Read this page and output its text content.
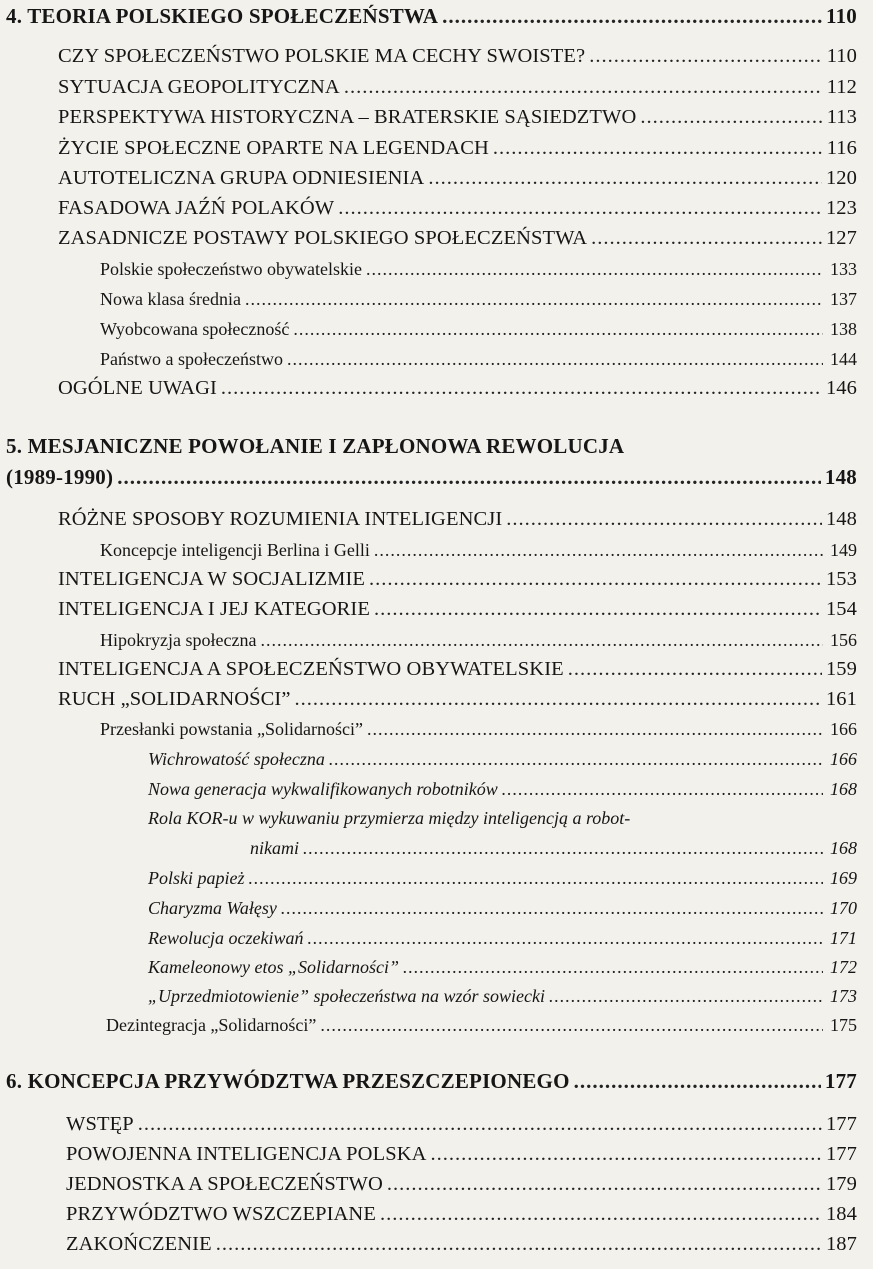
4. TEORIA POLSKIEGO SPOŁECZEŃSTWA .....	110
CZY SPOŁECZEŃSTWO POLSKIE MA CECHY SWOISTE? .....	110
SYTUACJA GEOPOLITYCZNA .....	112
PERSPEKTYWA HISTORYCZNA – BRATERSKIE SĄSIEDZTWO .....	113
ŻYCIE SPOŁECZNE OPARTE NA LEGENDACH .....	116
AUTOTELICZNA GRUPA ODNIESIENIA .....	120
FASADOWA JAŹŃ POLAKÓW .....	123
ZASADNICZE POSTAWY POLSKIEGO SPOŁECZEŃSTWA .....	127
Polskie społeczeństwo obywatelskie .....	133
Nowa klasa średnia .....	137
Wyobcowana społeczność .....	138
Państwo a społeczeństwo .....	144
OGÓLNE UWAGI .....	146
5. MESJANICZNE POWOŁANIE I ZAPŁONOWA REWOLUCJA
(1989-1990) .....	148
RÓŻNE SPOSOBY ROZUMIENIA INTELIGENCJI .....	148
Koncepcje inteligencji Berlina i Gelli .....	149
INTELIGENCJA W SOCJALIZMIE .....	153
INTELIGENCJA I JEJ KATEGORIE .....	154
Hipokryzja społeczna .....	156
INTELIGENCJA A SPOŁECZEŃSTWO OBYWATELSKIE .....	159
RUCH „SOLIDARNOŚCI” .....	161
Przesłanki powstania „Solidarności” .....	166
Wichrowatość społeczna .....	166
Nowa generacja wykwalifikowanych robotników .....	168
Rola KOR-u w wykuwaniu przymierza między inteligencją a robot-
nikami .....	168
Polski papież .....	169
Charyzma Wałęsy .....	170
Rewolucja oczekiwań .....	171
Kameleonowy etos „Solidarności” .....	172
„Uprzedmiotowienie” społeczeństwa na wzór sowiecki .....	173
Dezintegracja „Solidarności” .....	175
6. KONCEPCJA PRZYWÓDZTWA PRZESZCZEPIONEGO .....	177
WSTĘP .....	177
POWOJENNA INTELIGENCJA POLSKA .....	177
JEDNOSTKA A SPOŁECZEŃSTWO .....	179
PRZYWÓDZTWO WSZCZEPIANE .....	184
ZAKOŃCZENIE .....	187
